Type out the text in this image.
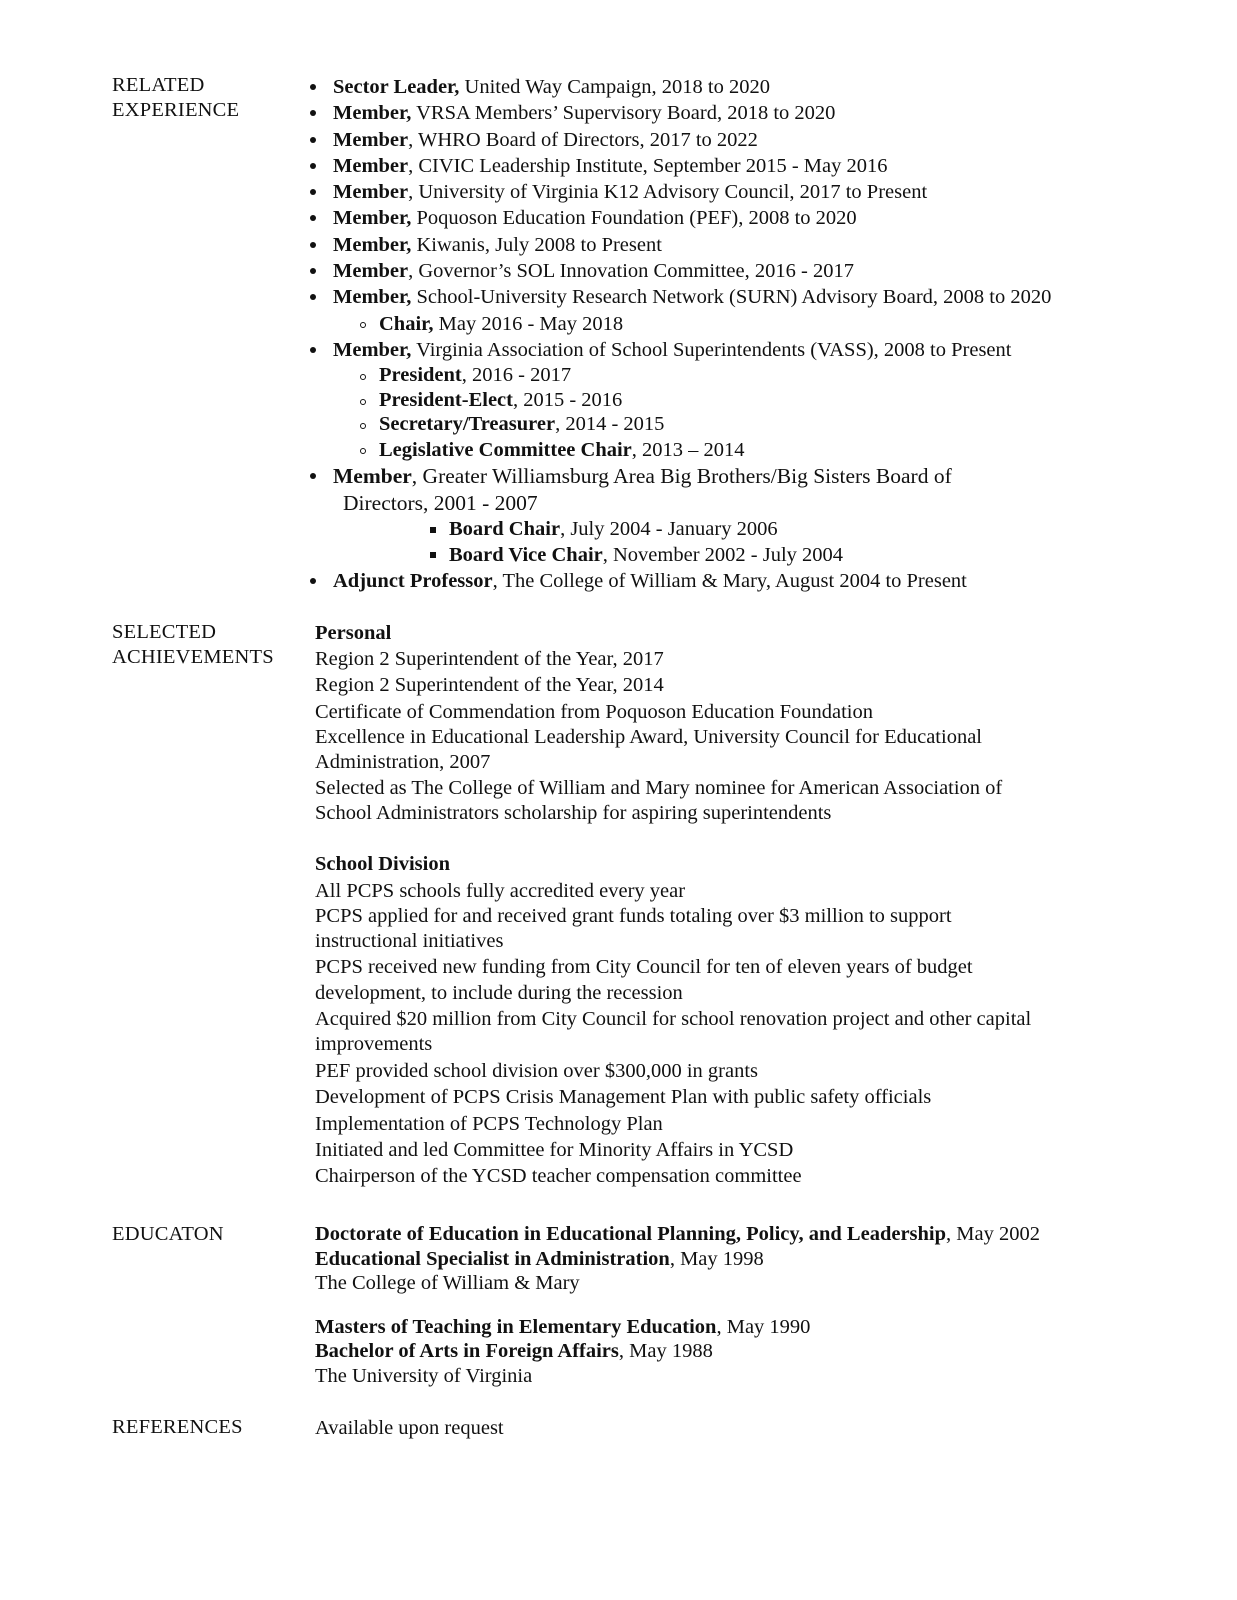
RELATED
EXPERIENCE
Sector Leader, United Way Campaign, 2018 to 2020
Member, VRSA Members’ Supervisory Board, 2018 to 2020
Member, WHRO Board of Directors, 2017 to 2022
Member, CIVIC Leadership Institute, September 2015 - May 2016
Member, University of Virginia K12 Advisory Council, 2017 to Present
Member, Poquoson Education Foundation (PEF), 2008 to 2020
Member, Kiwanis, July 2008 to Present
Member, Governor’s SOL Innovation Committee, 2016 - 2017
Member, School-University Research Network (SURN) Advisory Board, 2008 to 2020
Chair, May 2016 - May 2018
Member, Virginia Association of School Superintendents (VASS), 2008 to Present
President, 2016 - 2017
President-Elect, 2015 - 2016
Secretary/Treasurer, 2014 - 2015
Legislative Committee Chair, 2013 – 2014
Member, Greater Williamsburg Area Big Brothers/Big Sisters Board of
Directors, 2001 - 2007
Board Chair, July 2004 - January 2006
Board Vice Chair, November 2002 - July 2004
Adjunct Professor, The College of William & Mary, August 2004 to Present
SELECTED
ACHIEVEMENTS
Personal
Region 2 Superintendent of the Year, 2017
Region 2 Superintendent of the Year, 2014
Certificate of Commendation from Poquoson Education Foundation
Excellence in Educational Leadership Award, University Council for Educational
Administration, 2007
Selected as The College of William and Mary nominee for American Association of
School Administrators scholarship for aspiring superintendents
School Division
All PCPS schools fully accredited every year
PCPS applied for and received grant funds totaling over $3 million to support
instructional initiatives
PCPS received new funding from City Council for ten of eleven years of budget
development, to include during the recession
Acquired $20 million from City Council for school renovation project and other capital
improvements
PEF provided school division over $300,000 in grants
Development of PCPS Crisis Management Plan with public safety officials
Implementation of PCPS Technology Plan
Initiated and led Committee for Minority Affairs in YCSD
Chairperson of the YCSD teacher compensation committee
EDUCATON	Doctorate of Education in Educational Planning, Policy, and Leadership, May 2002
Educational Specialist in Administration, May 1998
The College of William & Mary
Masters of Teaching in Elementary Education, May 1990
Bachelor of Arts in Foreign Affairs, May 1988
The University of Virginia
REFERENCES	Available upon request
